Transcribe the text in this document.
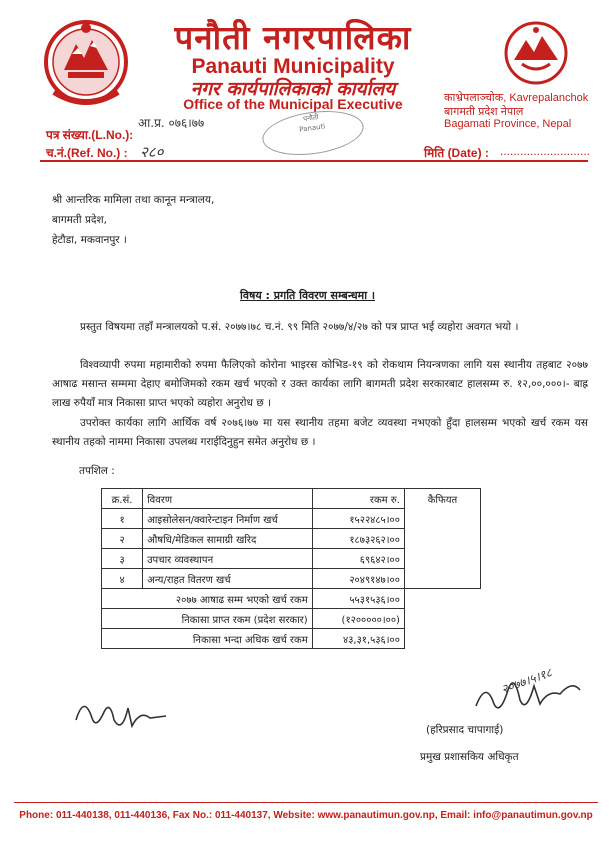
पनौती नगरपालिका
Panauti Municipality
नगर कार्यपालिकाको कार्यालय
Office of the Municipal Executive	काभ्रेपलाञ्चोक, Kavrepalanchok
बागमती प्रदेश नेपाल
Bagamati Province, Nepal
आ.प्र. ०७६।७७
पत्र संख्या.(L.No.):
च.नं.(Ref. No.) : २८०
पनौती
Panauti
मिति (Date) : ...........................
श्री आन्तरिक मामिला तथा कानून मन्त्रालय,
बागमती प्रदेश,
हेटौडा, मकवानपुर ।
विषय : प्रगति विवरण सम्बन्धमा ।
प्रस्तुत विषयमा तहाँ मन्त्रालयको प.सं. २०७७।७८ च.नं. ९९ मिति २०७७/४/२७ को पत्र प्राप्त भई व्यहोरा अवगत भयो ।
विश्वव्यापी रुपमा महामारीको रुपमा फैलिएको कोरोना भाइरस कोभिड-१९ को रोकथाम नियन्त्रणका लागि यस स्थानीय तहबाट २०७७ आषाढ मसान्त सम्ममा देहाए बमोजिमको रकम खर्च भएको र उक्त कार्यका लागि बागमती प्रदेश सरकारबाट हालसम्म रु. १२,००,०००।- बाह्र लाख रुपैयाँ मात्र निकासा प्राप्त भएको व्यहोरा अनुरोध छ ।
उपरोक्त कार्यका लागि आर्थिक वर्ष २०७६।७७ मा यस स्थानीय तहमा बजेट व्यवस्था नभएको हुँदा हालसम्म भएको खर्च रकम यस स्थानीय तहको नाममा निकासा उपलब्ध गराईदिनुहुन समेत अनुरोध छ ।
तपशिल :
क्र.सं.	विवरण	रकम रु.	कैफियत
१	आइसोलेसन/क्वारेन्टाइन निर्माण खर्च	१५२२४८५।००	
२	औषधि/मेडिकल सामाग्री खरिद	१८७३२६२।००	
३	उपचार व्यवस्थापन	६९६४२।००	
४	अन्य/राहत वितरण खर्च	२०४९१४७।००	
२०७७ आषाढ सम्म भएको खर्च रकम		५५३१५३६।००	
निकासा प्राप्त रकम (प्रदेश सरकार)		(१२०००००।००)	
निकासा भन्दा अधिक खर्च रकम		४३,३१,५३६।००	
२०७७।५।१८
(हरिप्रसाद चापागाई)
प्रमुख प्रशासकिय अधिकृत
Phone: 011-440138, 011-440136, Fax No.: 011-440137, Website: www.panautimun.gov.np, Email: info@panautimun.gov.np
